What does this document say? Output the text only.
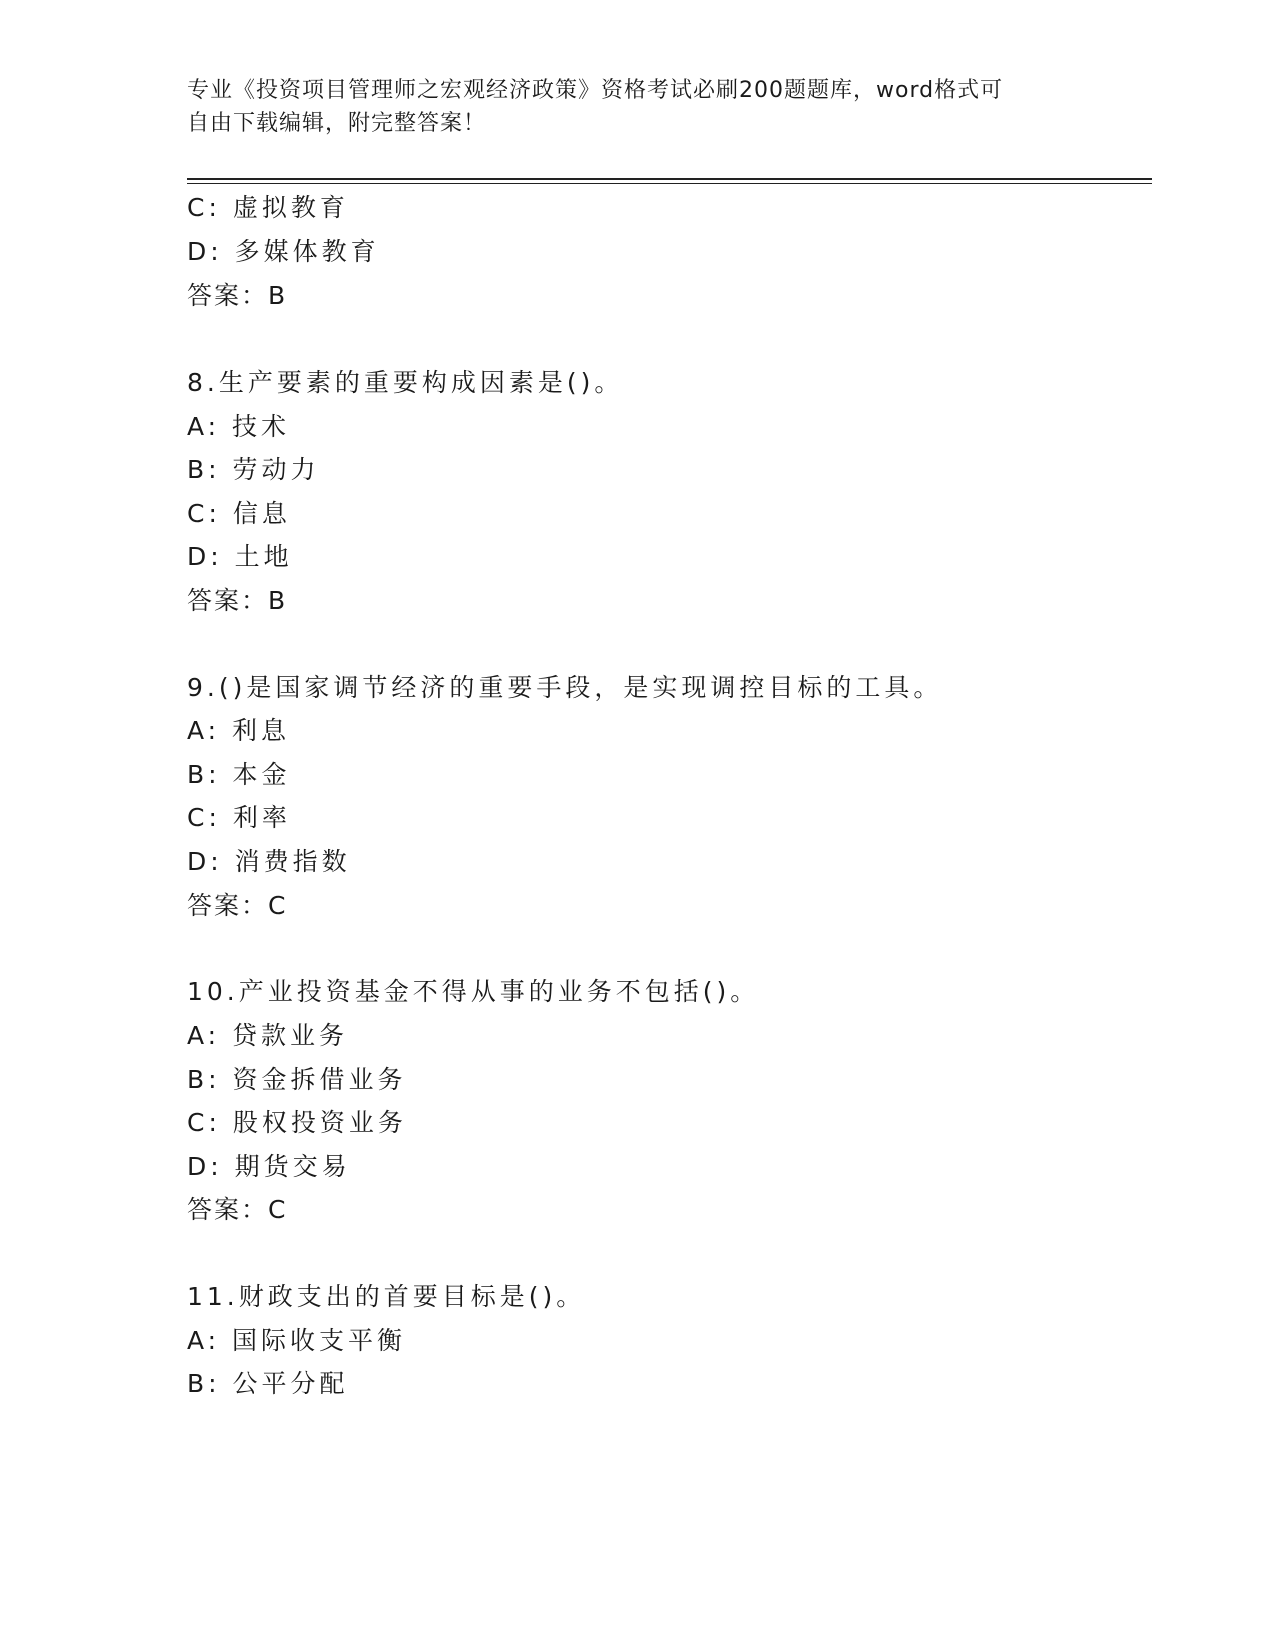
专业《投资项目管理师之宏观经济政策》资格考试必刷200题题库，word格式可
自由下载编辑，附完整答案！
C: 虚拟教育
D: 多媒体教育
答案：B
8.生产要素的重要构成因素是()。
A: 技术
B: 劳动力
C: 信息
D: 土地
答案：B
9.()是国家调节经济的重要手段，是实现调控目标的工具。
A: 利息
B: 本金
C: 利率
D: 消费指数
答案：C
10.产业投资基金不得从事的业务不包括()。
A: 贷款业务
B: 资金拆借业务
C: 股权投资业务
D: 期货交易
答案：C
11.财政支出的首要目标是()。
A: 国际收支平衡
B: 公平分配
